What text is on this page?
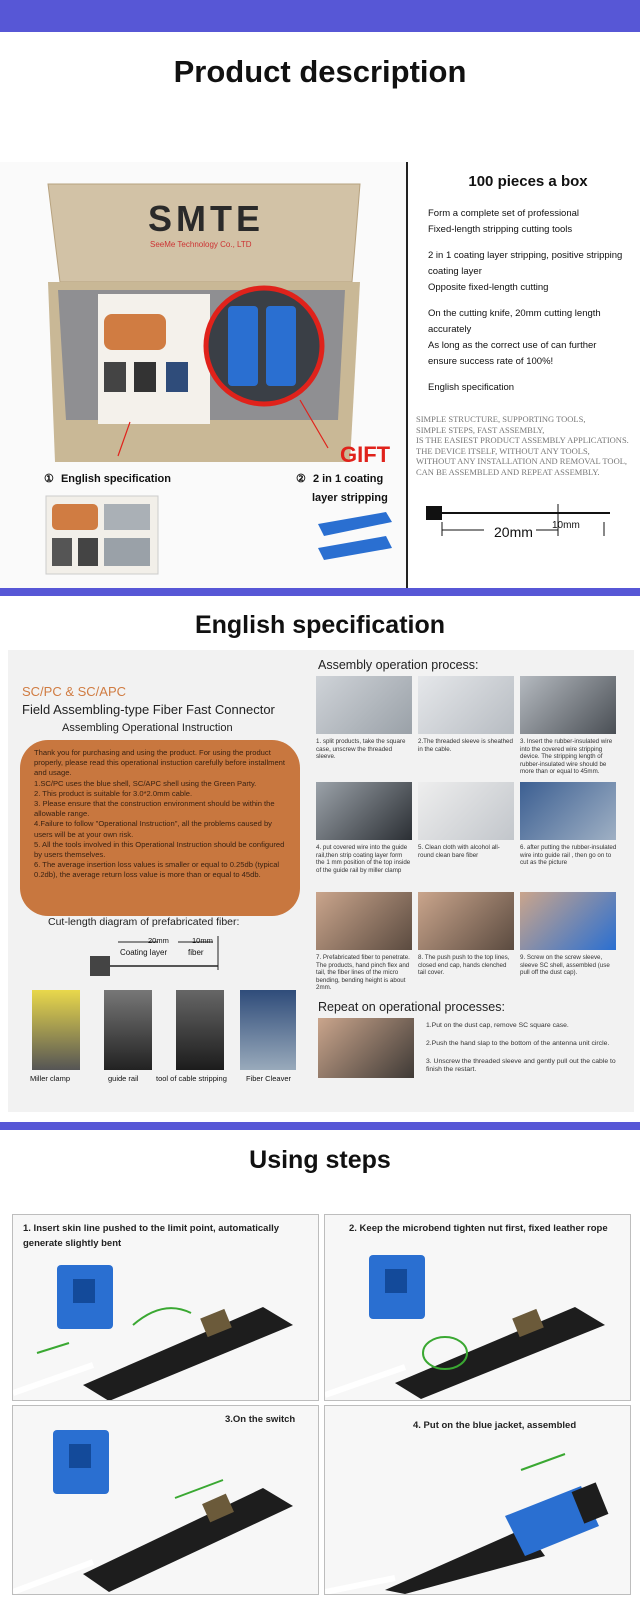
Product description
SMTE
SeeMe Technology Co., LTD
GIFT
① English specification	② 2 in 1 coating
layer stripping
100 pieces a box

Form a complete set of professional

Fixed-length stripping cutting tools

2 in 1 coating layer stripping, positive stripping coating layer

Opposite fixed-length cutting

On the cutting knife, 20mm cutting length accurately

As long as the correct use of can further ensure success rate of 100%!

English specification

SIMPLE STRUCTURE, SUPPORTING TOOLS,
SIMPLE STEPS, FAST ASSEMBLY,
IS THE EASIEST PRODUCT ASSEMBLY APPLICATIONS.
THE DEVICE ITSELF, WITHOUT ANY TOOLS,
WITHOUT ANY INSTALLATION AND REMOVAL TOOL,
CAN BE ASSEMBLED AND REPEAT ASSEMBLY.
20mm 10mm
English specification
SC/PC & SC/APC
Field Assembling-type Fiber Fast Connector
Assembling Operational Instruction
Thank you for purchasing and using the product. For using the product properly, please read this operational instuction carefully before installment and usage.
1.SC/PC uses the blue shell, SC/APC shell using the Green Party.
2. This product is suitable for 3.0*2.0mm cable.
3. Please ensure that the construction environment should be within the allowable range.
4.Failure to follow "Operational Instruction", all the problems caused by users will be at your own risk.
5. All the tools involved in this Operational Instruction should be configured by users themselves.
6. The average insertion loss values is smaller or equal to 0.25db (typical 0.2db), the average return loss value is more than or equal to 45db.
Cut-length diagram of prefabricated fiber:
20mm	10mm
Coating layer	fiber
Miller clamp	guide rail tool of cable stripping	Fiber Cleaver
Assembly operation process:
1. split products, take the square case, unscrew the threaded sleeve.
2.The threaded sleeve is sheathed in the cable.
3. Insert the rubber-insulated wire into the covered wire stripping device. The stripping length of rubber-insulated wire should be more than or equal to 45mm.
4. put covered wire into the guide rail,then strip coating layer form the 1 mm position of the top inside of the guide rail by miller clamp
5. Clean cloth with alcohol all-round clean bare fiber
6. after putting the rubber-insulated wire into guide rail , then go on to cut as the picture
7. Prefabricated fiber to penetrate. The products, hand pinch flex and tail, the fiber lines of the micro bending, bending height is about 2mm.
8. The push push to the top lines, closed end cap, hands clenched tail cover.
9. Screw on the screw sleeve, sleeve SC shell, assembled (use pull off the dust cap).
Repeat on operational processes:
1.Put on the dust cap, remove SC square case.
2.Push the hand slap to the bottom of the antenna unit circle.
3. Unscrew the threaded sleeve and gently pull out the cable to finish the restart.
Using steps
1. Insert skin line pushed to the limit point, automatically generate slightly bent
2. Keep the microbend tighten nut first, fixed leather rope
3.On the switch
4. Put on the blue jacket, assembled
